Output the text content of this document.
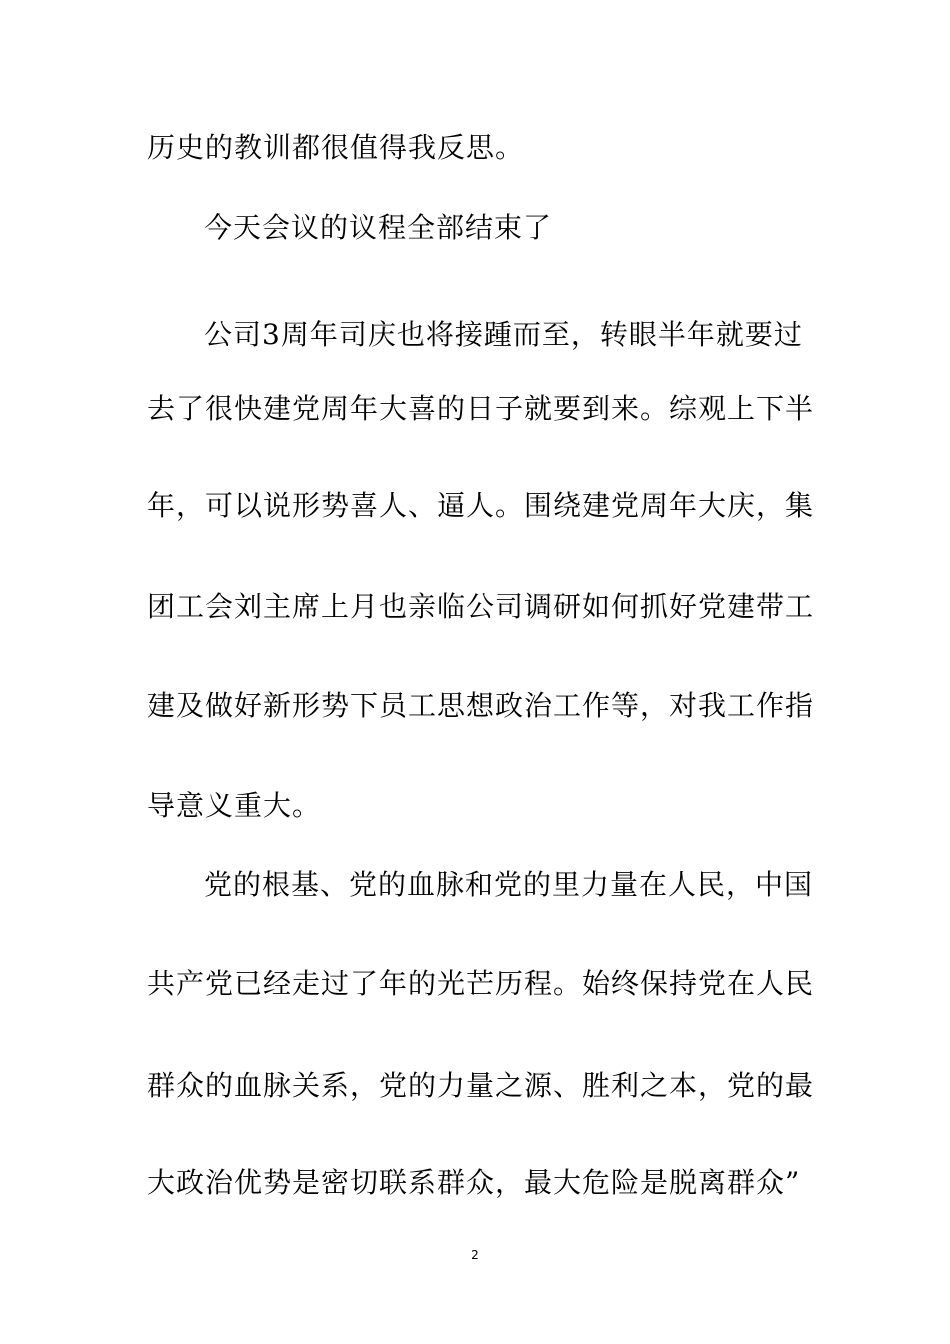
历史的教训都很值得我反思。
今天会议的议程全部结束了
公司3周年司庆也将接踵而至，转眼半年就要过
去了很快建党周年大喜的日子就要到来。综观上下半
年，可以说形势喜人、逼人。围绕建党周年大庆，集
团工会刘主席上月也亲临公司调研如何抓好党建带工
建及做好新形势下员工思想政治工作等，对我工作指
导意义重大。
党的根基、党的血脉和党的里力量在人民，中国
共产党已经走过了年的光芒历程。始终保持党在人民
群众的血脉关系，党的力量之源、胜利之本，党的最
大政治优势是密切联系群众，最大危险是脱离群众”
2
